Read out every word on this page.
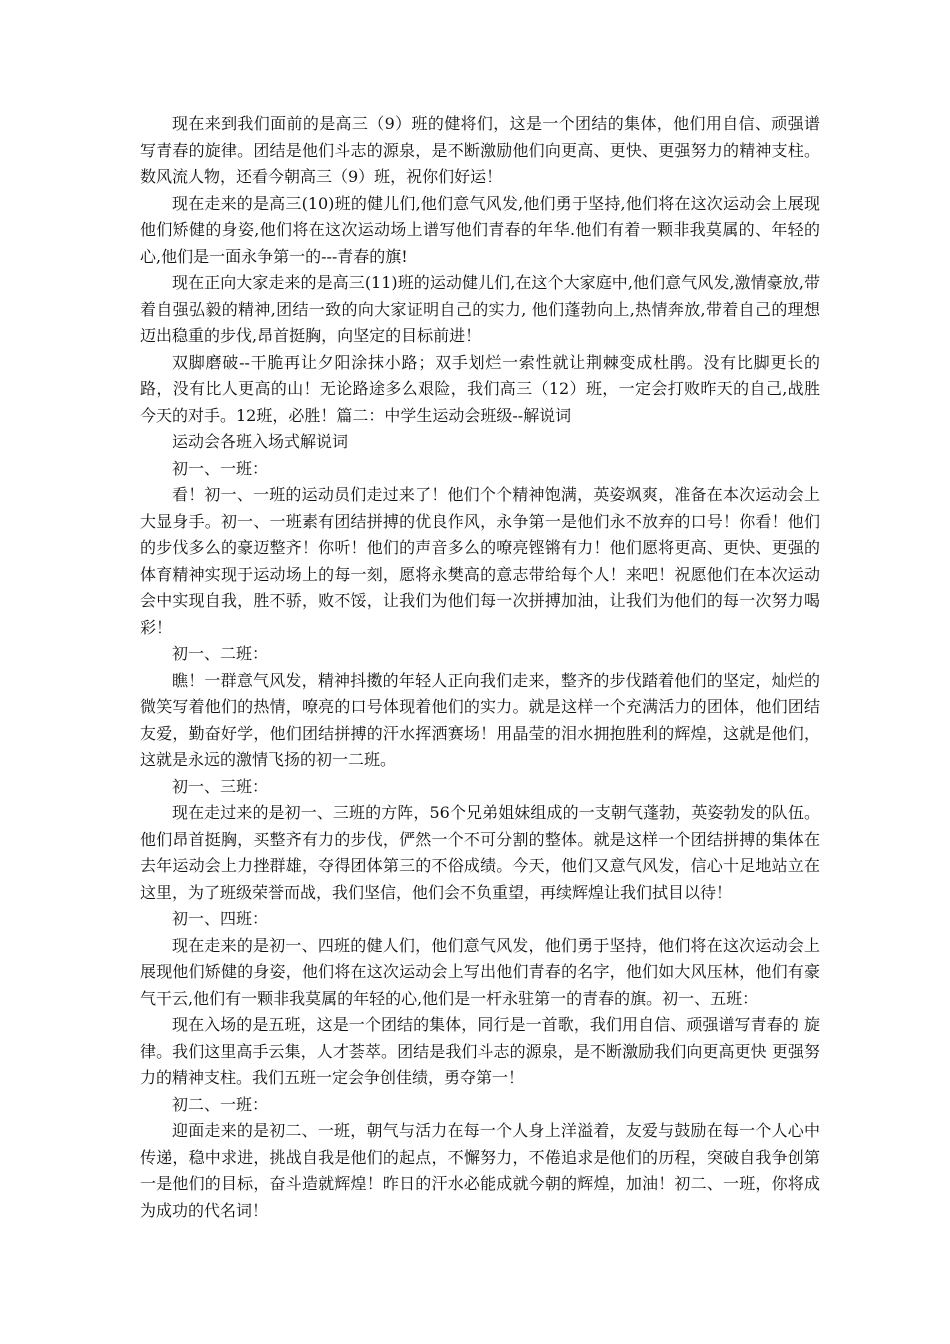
现在来到我们面前的是高三（9）班的健将们，这是一个团结的集体，他们用自信、顽强谱写青春的旋律。团结是他们斗志的源泉，是不断激励他们向更高、更快、更强努力的精神支柱。数风流人物，还看今朝高三（9）班，祝你们好运！

现在走来的是高三(10)班的健儿们,他们意气风发,他们勇于坚持,他们将在这次运动会上展现他们矫健的身姿,他们将在这次运动场上谱写他们青春的年华.他们有着一颗非我莫属的、年轻的心,他们是一面永争第一的---青春的旗!

现在正向大家走来的是高三(11)班的运动健儿们,在这个大家庭中,他们意气风发,激情豪放,带着自强弘毅的精神,团结一致的向大家证明自己的实力, 他们蓬勃向上,热情奔放,带着自己的理想迈出稳重的步伐,昂首挺胸，向坚定的目标前进！

双脚磨破--干脆再让夕阳涂抹小路；双手划烂一索性就让荆棘变成杜鹃。没有比脚更长的路，没有比人更高的山！无论路途多么艰险，我们高三（12）班，一定会打败昨天的自己,战胜今天的对手。12班，必胜！篇二：中学生运动会班级--解说词

运动会各班入场式解说词

初一、一班：

看！初一、一班的运动员们走过来了！他们个个精神饱满，英姿飒爽，准备在本次运动会上大显身手。初一、一班素有团结拼搏的优良作风，永争第一是他们永不放弃的口号！你看！他们的步伐多么的豪迈整齐！你听！他们的声音多么的嘹亮铿锵有力！他们愿将更高、更快、更强的体育精神实现于运动场上的每一刻，愿将永樊高的意志带给每个人！来吧！祝愿他们在本次运动会中实现自我，胜不骄，败不馁，让我们为他们每一次拼搏加油，让我们为他们的每一次努力喝彩！

初一、二班：

瞧！一群意气风发，精神抖擞的年轻人正向我们走来，整齐的步伐踏着他们的坚定，灿烂的微笑写着他们的热情，嘹亮的口号体现着他们的实力。就是这样一个充满活力的团体，他们团结友爱，勤奋好学，他们团结拼搏的汗水挥洒赛场！用晶莹的泪水拥抱胜利的辉煌，这就是他们，这就是永远的激情飞扬的初一二班。

初一、三班：

现在走过来的是初一、三班的方阵，56个兄弟姐妹组成的一支朝气蓬勃，英姿勃发的队伍。他们昂首挺胸，买整齐有力的步伐，俨然一个不可分割的整体。就是这样一个团结拼搏的集体在去年运动会上力挫群雄，夺得团体第三的不俗成绩。今天，他们又意气风发，信心十足地站立在这里，为了班级荣誉而战，我们坚信，他们会不负重望，再续辉煌让我们拭目以待！

初一、四班：

现在走来的是初一、四班的健人们，他们意气风发，他们勇于坚持，他们将在这次运动会上展现他们矫健的身姿，他们将在这次运动会上写出他们青春的名字，他们如大风压林，他们有豪气干云,他们有一颗非我莫属的年轻的心,他们是一杆永驻第一的青春的旗。初一、五班：

现在入场的是五班，这是一个团结的集体，同行是一首歌，我们用自信、顽强谱写青春的 旋律。我们这里高手云集，人才荟萃。团结是我们斗志的源泉，是不断激励我们向更高更快 更强努力的精神支柱。我们五班一定会争创佳绩，勇夺第一！

初二、一班：

迎面走来的是初二、一班，朝气与活力在每一个人身上洋溢着，友爱与鼓励在每一个人心中传递，稳中求进，挑战自我是他们的起点，不懈努力，不倦追求是他们的历程，突破自我争创第一是他们的目标，奋斗造就辉煌！昨日的汗水必能成就今朝的辉煌，加油！初二、一班，你将成为成功的代名词！
